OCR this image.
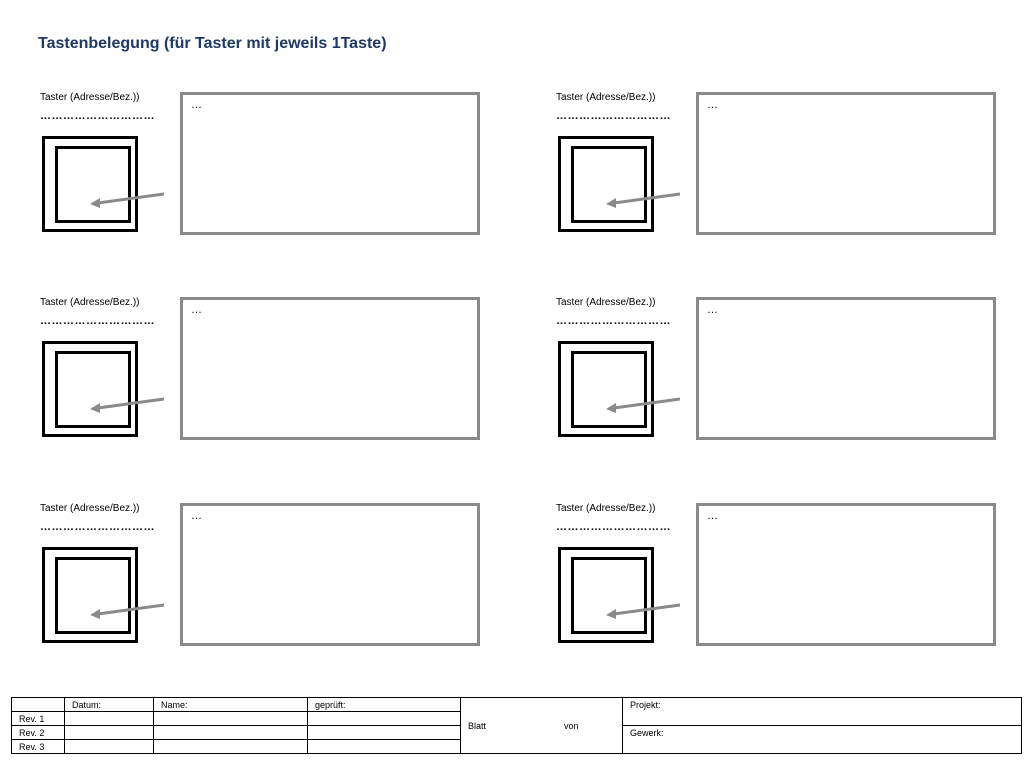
Tastenbelegung (für Taster mit jeweils 1Taste)
Taster (Adresse/Bez.))
…………………………
…
Taster (Adresse/Bez.))
…………………………
…
Taster (Adresse/Bez.))
…………………………
…
Taster (Adresse/Bez.))
…………………………
…
Taster (Adresse/Bez.))
…………………………
…
Taster (Adresse/Bez.))
…………………………
…
	Datum:	Name:	geprüft:	Blatt von	Projekt:
Rev. 1					
Rev. 2					Gewerk:
Rev. 3					
